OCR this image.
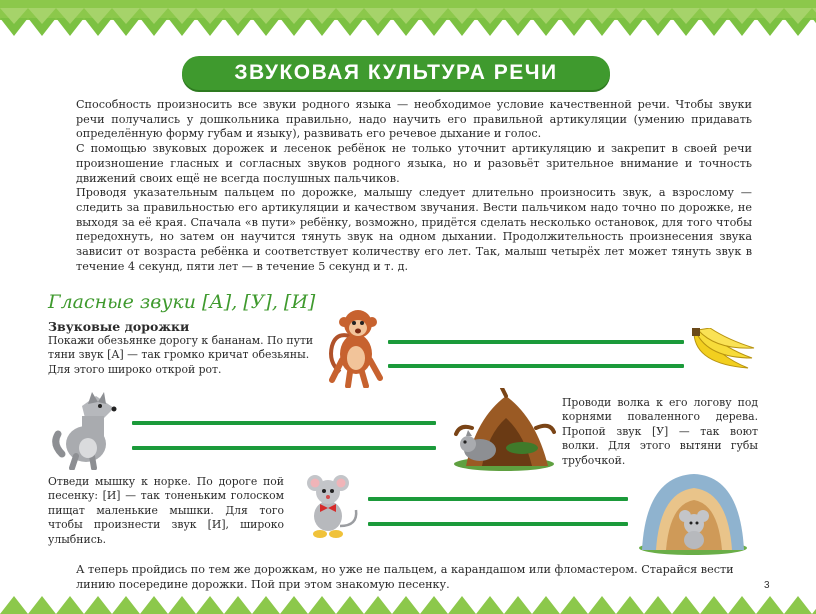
ЗВУКОВАЯ КУЛЬТУРА РЕЧИ

Способность произносить все звуки родного языка — необходимое условие качественной речи. Чтобы звуки речи получались у дошкольника правильно, надо научить его правильной артикуляции (умению придавать определённую форму губам и языку), развивать его речевое дыхание и голос.

С помощью звуковых дорожек и лесенок ребёнок не только уточнит артикуляцию и закрепит в своей речи произношение гласных и согласных звуков родного языка, но и разовьёт зрительное внимание и точность движений своих ещё не всегда послушных пальчиков.

Проводя указательным пальцем по дорожке, малышу следует длительно произносить звук, а взрослому — следить за правильностью его артикуляции и качеством звучания. Вести пальчиком надо точно по дорожке, не выходя за её края. Спачала «в пути» ребёнку, возможно, придётся сделать несколько остановок, для того чтобы передохнуть, но затем он научится тянуть звук на одном дыхании. Продолжительность произнесения звука зависит от возраста ребёнка и соответствует количеству его лет. Так, малыш четырёх лет может тянуть звук в течение 4 секунд, пяти лет — в течение 5 секунд и т. д.

Гласные звуки [А], [У], [И]
Звуковые дорожки
Покажи обезьянке дорогу к бананам. По пути тяни звук [А] — так громко кричат обезьяны. Для этого широко открой рот.
Проводи волка к его логову под корнями поваленного дерева. Пропой звук [У] — так воют волки. Для этого вытяни губы трубочкой.
Отведи мышку к норке. По дороге пой песенку: [И] — так тоненьким голоском пищат маленькие мышки. Для того чтобы произнести звук [И], широко улыбнись.
А теперь пройдись по тем же дорожкам, но уже не пальцем, а карандашом или фломастером. Старайся вести линию посередине дорожки. Пой при этом знакомую песенку.	3
